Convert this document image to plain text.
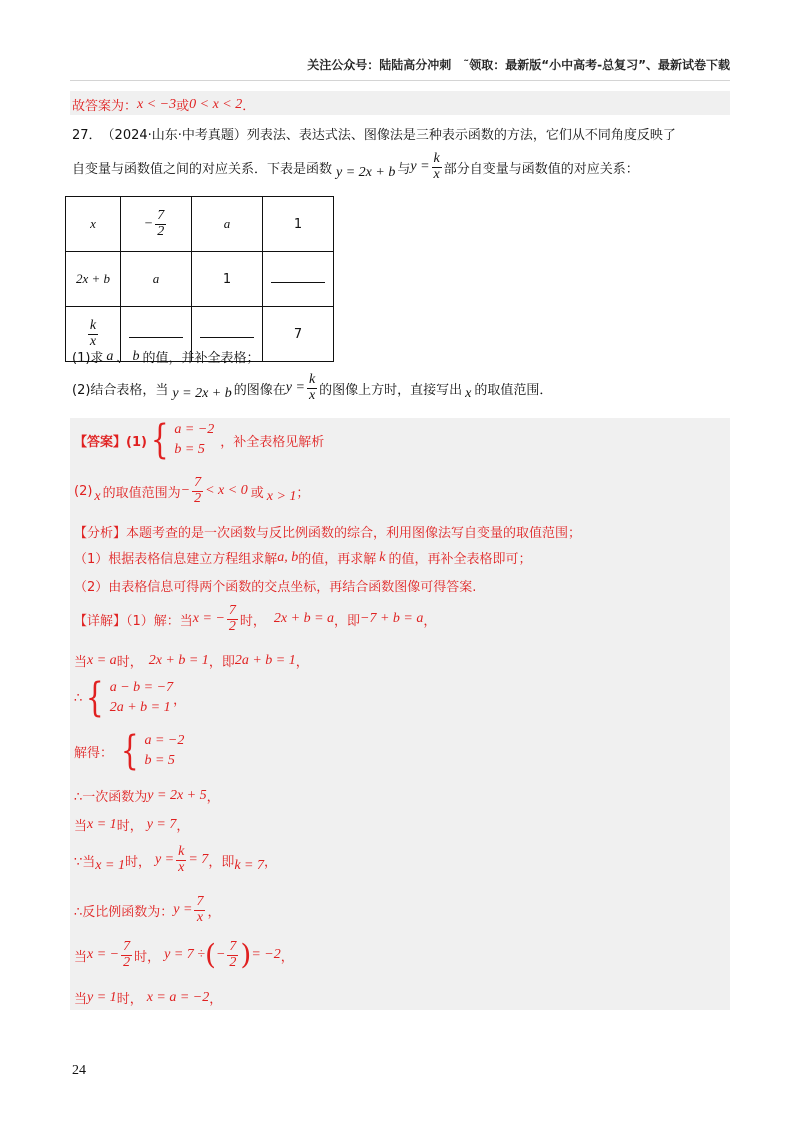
关注公众号：陆陆高分冲刺　˜领取：最新版“小中高考-总复习”、最新试卷下载
故答案为： x < −3 或 0 < x < 2 ．
27． （2024·山东·中考真题） 列表法、表达式法、图像法是三种表示函数的方法，它们从不同角度反映了
自变量与函数值之间的对应关系．下表是函数 y = 2x + b 与 $y = \frac{k}{x}$ 部分自变量与函数值的对应关系：
x	− $\frac{7}{2}$	a	1
2x + b	a	1	

$\frac{k}{x}$			7
(1)求 a 、 b 的值，并补全表格；
(2)结合表格，当 y = 2x + b 的图像在 $y = \frac{k}{x}$ 的图像上方时，直接写出 x 的取值范围．
【答案】(1) { a = −2
b = 5	，补全表格见解析
(2) x 的取值范围为 − $\frac{7}{2} < x < 0$ 或 x > 1 ；
【分析】本题考查的是一次函数与反比例函数的综合，利用图像法写自变量的取值范围；
（1）根据表格信息建立方程组求解 a, b 的值，再求解 k 的值，再补全表格即可；
（2）由表格信息可得两个函数的交点坐标，再结合函数图像可得答案.
【详解】（1）解：当 x = − $\frac{7}{2}$ 时， 2x + b = a ，即 −7 + b = a ，
当 x = a 时， 2x + b = 1 ，即 2a + b = 1 ，
∴ { a − b = −7
2a + b = 1 ，
解得： { a = −2
b = 5
∴一次函数为 y = 2x + 5 ，
当 x = 1 时， y = 7 ，
∵当 x = 1 时， $y = \frac{k}{x} = 7$ ，即 k = 7 ，
∴反比例函数为： $y = \frac{7}{x}$ ，
当 x = − $\frac{7}{2}$ 时， y = 7 ÷ ( − $\frac{7}{2}$ ) = −2 ，
当 y = 1 时， x = a = −2 ，
24
